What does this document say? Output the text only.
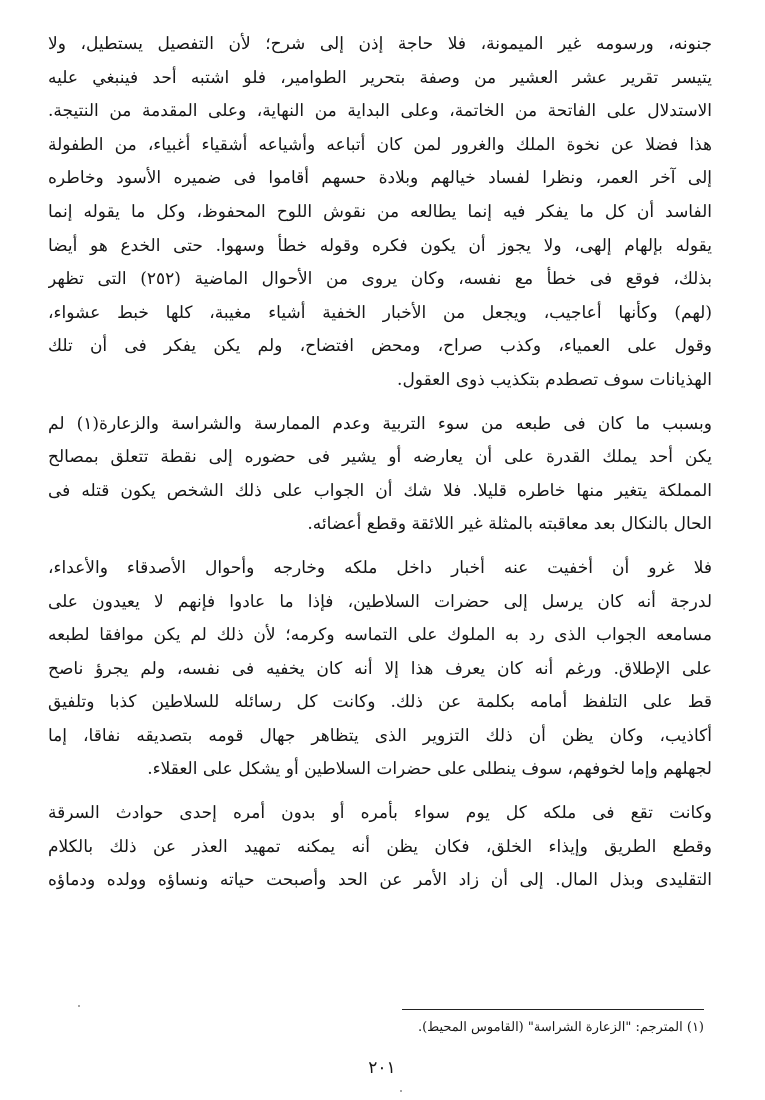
جنونه، ورسومه غير الميمونة، فلا حاجة إذن إلى شرح؛ لأن التفصيل يستطيل، ولا
يتيسر تقرير عشر العشير من وصفة بتحرير الطوامير، فلو اشتبه أحد فينبغي عليه
الاستدلال على الفاتحة من الخاتمة، وعلى البداية من النهاية، وعلى المقدمة من النتيجة.
هذا فضلا عن نخوة الملك والغرور لمن كان أتباعه وأشياعه أشقياء أغبياء، من الطفولة
إلى آخر العمر، ونظرا لفساد خيالهم وبلادة حسهم أقاموا فى ضميره الأسود وخاطره
الفاسد أن كل ما يفكر فيه إنما يطالعه من نقوش اللوح المحفوظ، وكل ما يقوله إنما
يقوله بإلهام إلهى، ولا يجوز أن يكون فكره وقوله خطأ وسهوا. حتى الخدع هو أيضا
بذلك، فوقع فى خطأ مع نفسه، وكان يروى من الأحوال الماضية (٢٥٢) التى تظهر
(لهم) وكأنها أعاجيب، ويجعل من الأخبار الخفية أشياء مغيبة، كلها خبط عشواء،
وقول على العمياء، وكذب صراح، ومحض افتضاح، ولم يكن يفكر فى أن تلك
الهذيانات سوف تصطدم بتكذيب ذوى العقول.
وبسبب ما كان فى طبعه من سوء التربية وعدم الممارسة والشراسة والزعارة(١) لم
يكن أحد يملك القدرة على أن يعارضه أو يشير فى حضوره إلى نقطة تتعلق بمصالح
المملكة يتغير منها خاطره قليلا. فلا شك أن الجواب على ذلك الشخص يكون قتله فى
الحال بالنكال بعد معاقبته بالمثلة غير اللائقة وقطع أعضائه.
فلا غرو أن أخفيت عنه أخبار داخل ملكه وخارجه وأحوال الأصدقاء والأعداء،
لدرجة أنه كان يرسل إلى حضرات السلاطين، فإذا ما عادوا فإنهم لا يعيدون على
مسامعه الجواب الذى رد به الملوك على التماسه وكرمه؛ لأن ذلك لم يكن موافقا لطبعه
على الإطلاق. ورغم أنه كان يعرف هذا إلا أنه كان يخفيه فى نفسه، ولم يجرؤ ناصح
قط على التلفظ أمامه بكلمة عن ذلك. وكانت كل رسائله للسلاطين كذبا وتلفيق
أكاذيب، وكان يظن أن ذلك التزوير الذى يتظاهر جهال قومه بتصديقه نفاقا، إما
لجهلهم وإما لخوفهم، سوف ينطلى على حضرات السلاطين أو يشكل على العقلاء.
وكانت تقع فى ملكه كل يوم سواء بأمره أو بدون أمره إحدى حوادث السرقة
وقطع الطريق وإيذاء الخلق، فكان يظن أنه يمكنه تمهيد العذر عن ذلك بالكلام
التقليدى وبذل المال. إلى أن زاد الأمر عن الحد وأصبحت حياته ونساؤه وولده ودماؤه
(١) المترجم: "الزعارة الشراسة" (القاموس المحيط).
٢٠١
